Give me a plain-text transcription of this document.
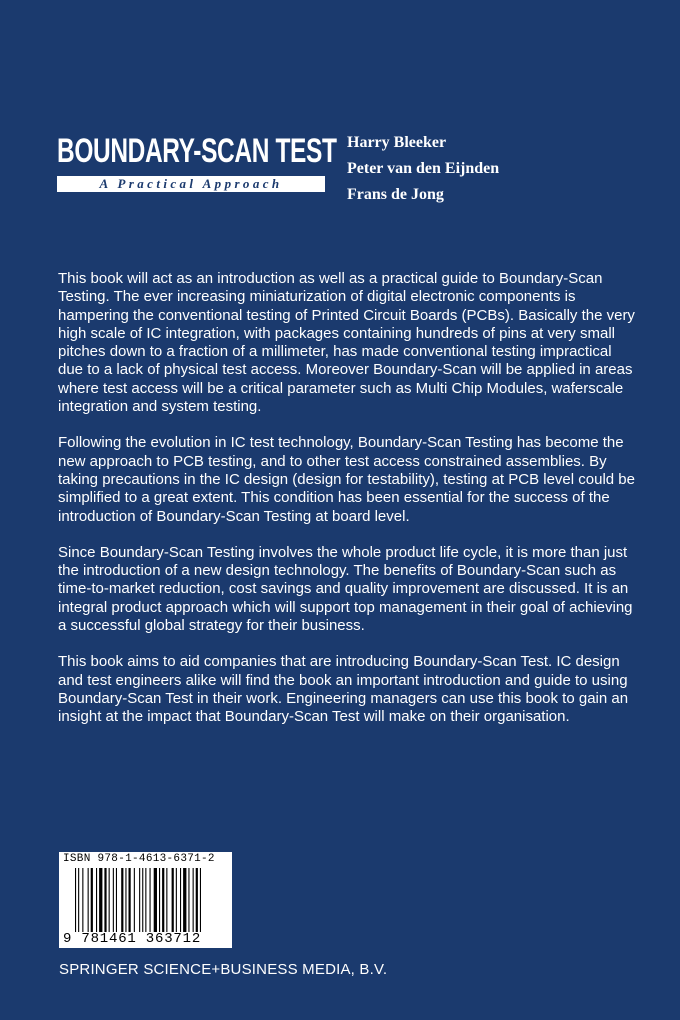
BOUNDARY-SCAN TEST
A Practical Approach
Harry Bleeker
Peter van den Eijnden
Frans de Jong

This book will act as an introduction as well as a practical guide to Boundary-Scan Testing. The ever increasing miniaturization of digital electronic components is hampering the conventional testing of Printed Circuit Boards (PCBs). Basically the very high scale of IC integration, with packages containing hundreds of pins at very small pitches down to a fraction of a millimeter, has made conventional testing impractical due to a lack of physical test access. Moreover Boundary-Scan will be applied in areas where test access will be a critical parameter such as Multi Chip Modules, waferscale integration and system testing.

Following the evolution in IC test technology, Boundary-Scan Testing has become the new approach to PCB testing, and to other test access constrained assemblies. By taking precautions in the IC design (design for testability), testing at PCB level could be simplified to a great extent. This condition has been essential for the success of the introduction of Boundary-Scan Testing at board level.

Since Boundary-Scan Testing involves the whole product life cycle, it is more than just the introduction of a new design technology. The benefits of Boundary-Scan such as time-to-market reduction, cost savings and quality improvement are discussed. It is an integral product approach which will support top management in their goal of achieving a successful global strategy for their business.

This book aims to aid companies that are introducing Boundary-Scan Test. IC design and test engineers alike will find the book an important introduction and guide to using Boundary-Scan Test in their work. Engineering managers can use this book to gain an insight at the impact that Boundary-Scan Test will make on their organisation.

ISBN 978-1-4613-6371-2
9 781461 363712
SPRINGER SCIENCE+BUSINESS MEDIA, B.V.
